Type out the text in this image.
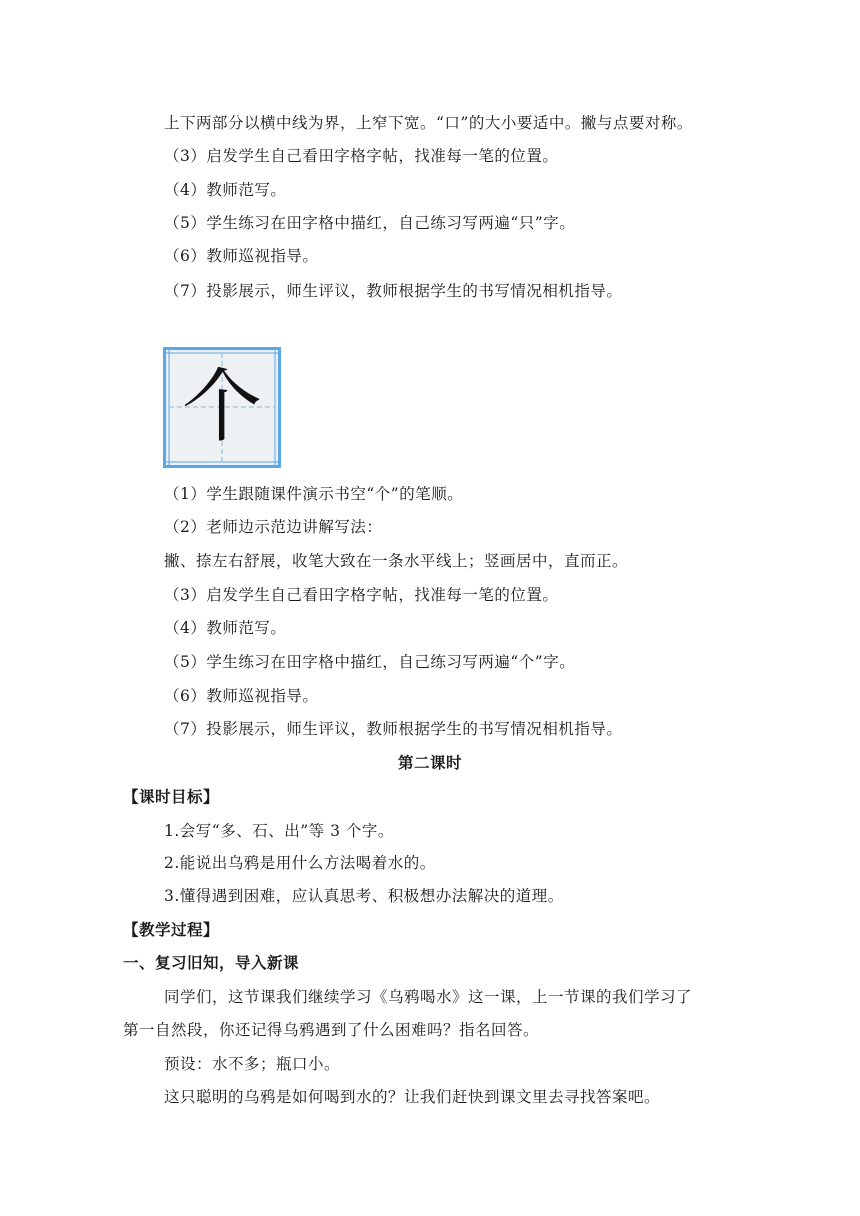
上下两部分以横中线为界，上窄下宽。“口”的大小要适中。撇与点要对称。
（3）启发学生自己看田字格字帖，找准每一笔的位置。
（4）教师范写。
（5）学生练习在田字格中描红，自己练习写两遍“只”字。
（6）教师巡视指导。
（7）投影展示，师生评议，教师根据学生的书写情况相机指导。
个
（1）学生跟随课件演示书空“个”的笔顺。
（2）老师边示范边讲解写法：
撇、捺左右舒展，收笔大致在一条水平线上；竖画居中，直而正。
（3）启发学生自己看田字格字帖，找准每一笔的位置。
（4）教师范写。
（5）学生练习在田字格中描红，自己练习写两遍“个”字。
（6）教师巡视指导。
（7）投影展示，师生评议，教师根据学生的书写情况相机指导。
第二课时
【课时目标】
1.会写“多、石、出”等 3 个字。
2.能说出乌鸦是用什么方法喝着水的。
3.懂得遇到困难，应认真思考、积极想办法解决的道理。
【教学过程】
一、复习旧知，导入新课
同学们，这节课我们继续学习《乌鸦喝水》这一课，上一节课的我们学习了
第一自然段，你还记得乌鸦遇到了什么困难吗？指名回答。
预设：水不多；瓶口小。
这只聪明的乌鸦是如何喝到水的？让我们赶快到课文里去寻找答案吧。
